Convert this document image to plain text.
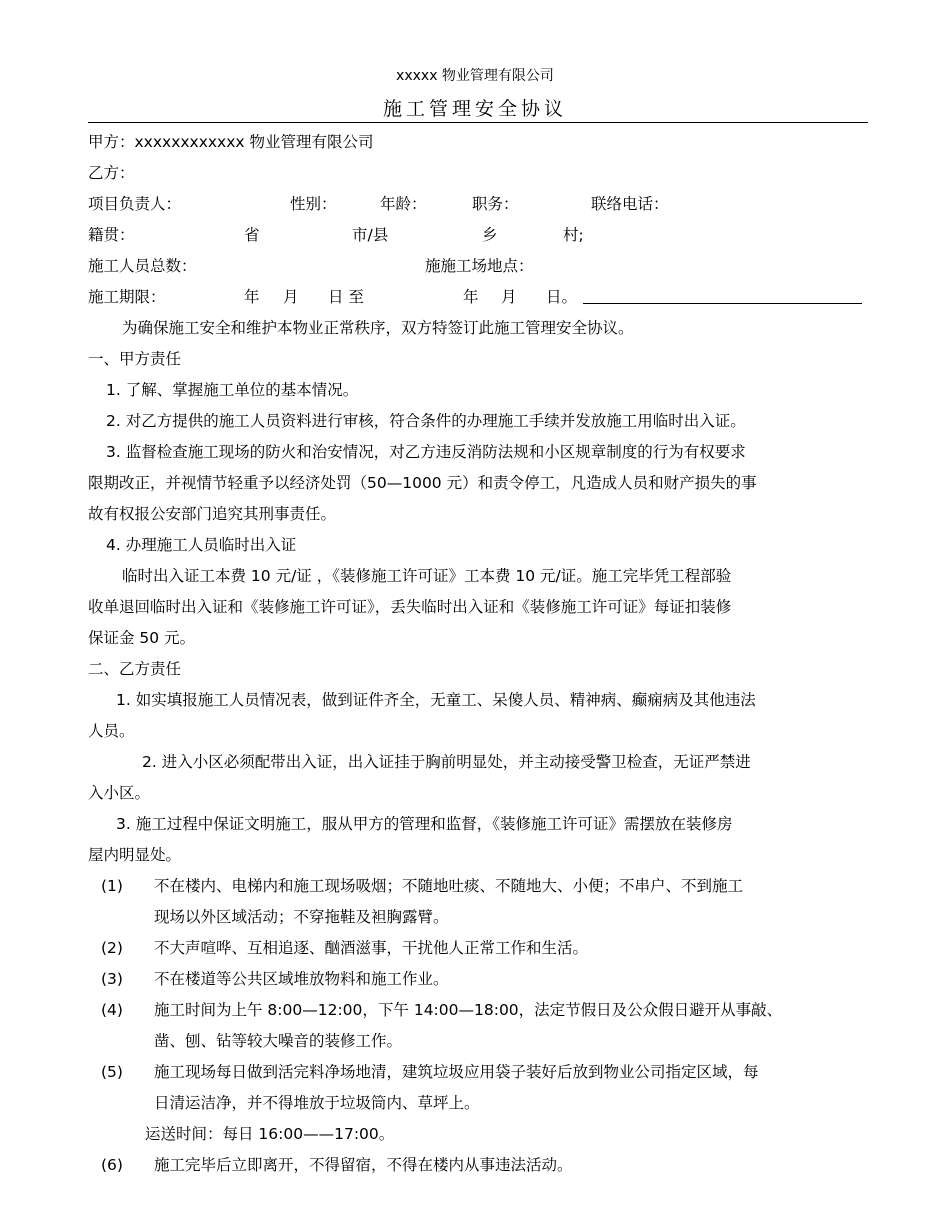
xxxxx 物业管理有限公司
施工管理安全协议
甲方：xxxxxxxxxxxx 物业管理有限公司
乙方：
项目负责人：	性别：	年龄：	职务：	联络电话：
籍贯：	省	市/县	乡	村;
施工人员总数：	施施工场地点：
施工期限：	年 月 日 至	年 月 日。
为确保施工安全和维护本物业正常秩序，双方特签订此施工管理安全协议。
一、甲方责任
1. 了解、掌握施工单位的基本情况。
2. 对乙方提供的施工人员资料进行审核，符合条件的办理施工手续并发放施工用临时出入证。
3. 监督检查施工现场的防火和治安情况，对乙方违反消防法规和小区规章制度的行为有权要求
限期改正，并视情节轻重予以经济处罚（50—1000 元）和责令停工，凡造成人员和财产损失的事
故有权报公安部门追究其刑事责任。
4. 办理施工人员临时出入证
临时出入证工本费 10 元/证 ，《装修施工许可证》工本费 10 元/证。施工完毕凭工程部验
收单退回临时出入证和《装修施工许可证》，丢失临时出入证和《装修施工许可证》每证扣装修
保证金 50 元。
二、乙方责任
1. 如实填报施工人员情况表，做到证件齐全，无童工、呆傻人员、精神病、癫痫病及其他违法
人员。
2. 进入小区必须配带出入证，出入证挂于胸前明显处，并主动接受警卫检查，无证严禁进
入小区。
3. 施工过程中保证文明施工，服从甲方的管理和监督，《装修施工许可证》需摆放在装修房
屋内明显处。
(1) 不在楼内、电梯内和施工现场吸烟；不随地吐痰、不随地大、小便；不串户、不到施工
现场以外区域活动；不穿拖鞋及袒胸露臂。
(2) 不大声喧哗、互相追逐、酗酒滋事，干扰他人正常工作和生活。
(3) 不在楼道等公共区域堆放物料和施工作业。
(4) 施工时间为上午 8:00—12:00，下午 14:00—18:00，法定节假日及公众假日避开从事敲、
凿、刨、钻等较大噪音的装修工作。
(5) 施工现场每日做到活完料净场地清，建筑垃圾应用袋子装好后放到物业公司指定区域，每
日清运洁净，并不得堆放于垃圾筒内、草坪上。
运送时间：每日 16:00——17:00。
(6) 施工完毕后立即离开，不得留宿，不得在楼内从事违法活动。
